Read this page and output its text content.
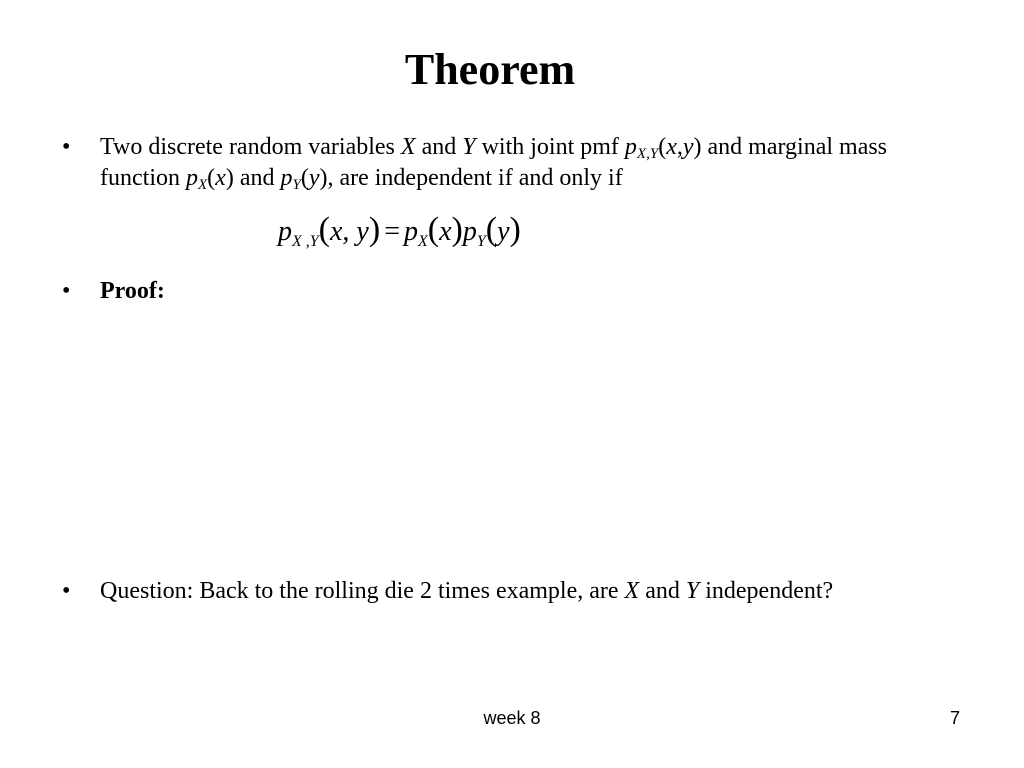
Theorem
• Two discrete random variables X and Y with joint pmf $p_{X,Y}(x,y)$ and marginal mass function $p_X(x)$ and $p_Y(y)$, are independent if and only if
$p_{X ,Y}(x$, $y) = p_X(x)p_Y(y)$
• Proof:
• Question: Back to the rolling die 2 times example, are X and Y independent?
week 8	7
